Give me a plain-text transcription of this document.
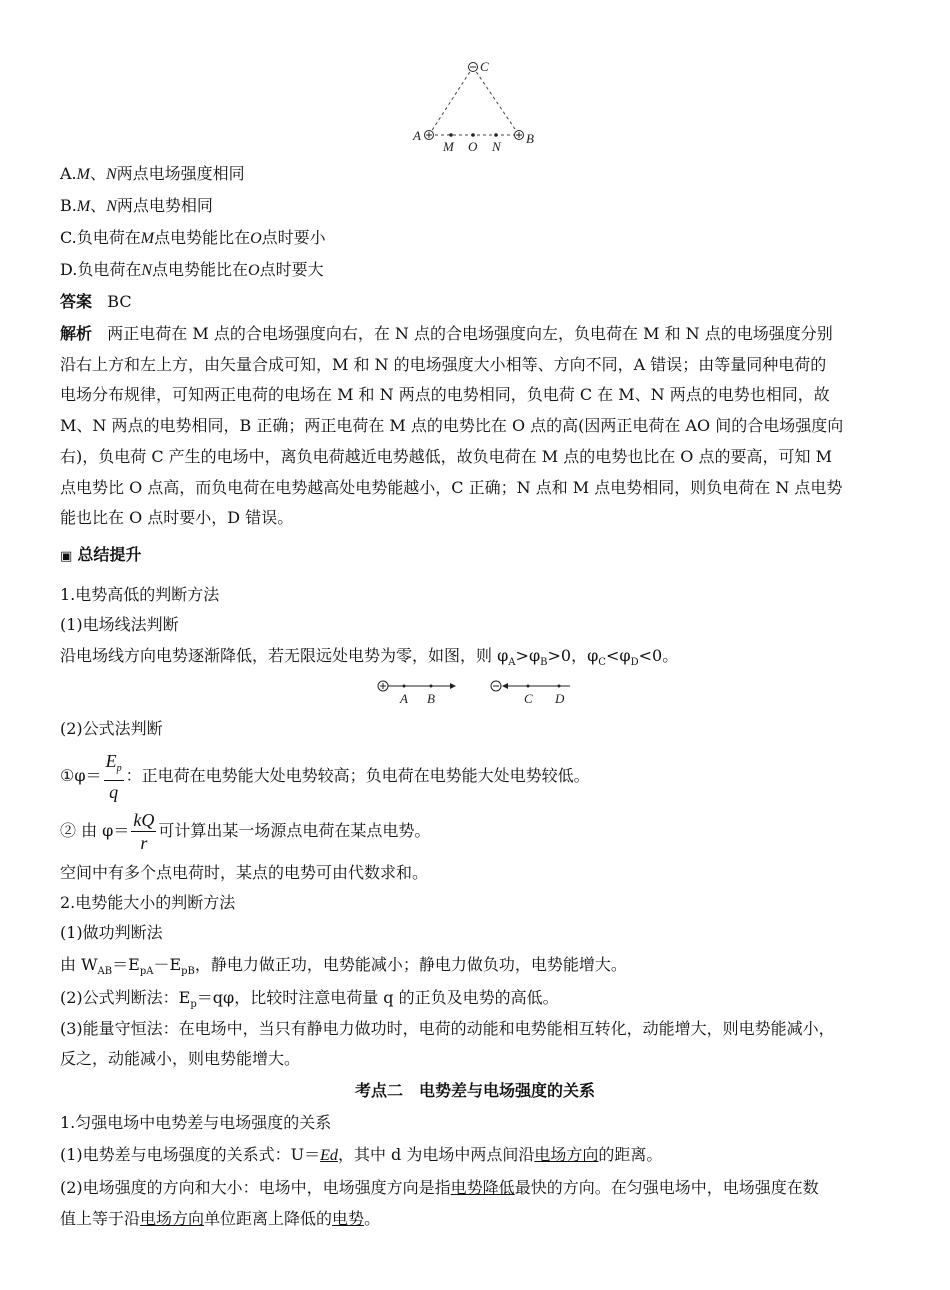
C
A	B
M O N
A.M、N两点电场强度相同
B.M、N两点电势相同
C.负电荷在M点电势能比在O点时要小
D.负电荷在N点电势能比在O点时要大
答案 BC
解析 两正电荷在 M 点的合电场强度向右，在 N 点的合电场强度向左，负电荷在 M 和 N 点的电场强度分别
沿右上方和左上方，由矢量合成可知，M 和 N 的电场强度大小相等、方向不同，A 错误；由等量同种电荷的
电场分布规律，可知两正电荷的电场在 M 和 N 两点的电势相同，负电荷 C 在 M、N 两点的电势也相同，故
M、N 两点的电势相同，B 正确；两正电荷在 M 点的电势比在 O 点的高(因两正电荷在 AO 间的合电场强度向
右)，负电荷 C 产生的电场中，离负电荷越近电势越低，故负电荷在 M 点的电势也比在 O 点的要高，可知 M
点电势比 O 点高，而负电荷在电势越高处电势能越小，C 正确；N 点和 M 点电势相同，则负电荷在 N 点电势
能也比在 O 点时要小，D 错误。
▣ 总结提升
1.电势高低的判断方法
(1)电场线法判断
沿电场线方向电势逐渐降低，若无限远处电势为零，如图，则 $\varphi_A>\varphi_B>0$，$\varphi_C<\varphi_D<0$。
A B	C D
(2)公式法判断
①φ＝ $\frac{E_p}{q}$ ：正电荷在电势能大处电势较高；负电荷在电势能大处电势较低。
② 由 $\varphi= \frac{kQ}{r}$ 可计算出某一场源点电荷在某点电势。
空间中有多个点电荷时，某点的电势可由代数求和。
2.电势能大小的判断方法
(1)做功判断法
由 $W_{AB}=E_{pA}-E_{pB}$，静电力做正功，电势能减小；静电力做负功，电势能增大。
(2)公式判断法：$E_p=q\varphi$，比较时注意电荷量 q 的正负及电势的高低。
(3)能量守恒法：在电场中，当只有静电力做功时，电荷的动能和电势能相互转化，动能增大，则电势能减小，
反之，动能减小，则电势能增大。
考点二　电势差与电场强度的关系
1.匀强电场中电势差与电场强度的关系
(1)电势差与电场强度的关系式：U＝Ed，其中 d 为电场中两点间沿电场方向的距离。
(2)电场强度的方向和大小：电场中，电场强度方向是指电势降低最快的方向。在匀强电场中，电场强度在数
值上等于沿电场方向单位距离上降低的电势。
